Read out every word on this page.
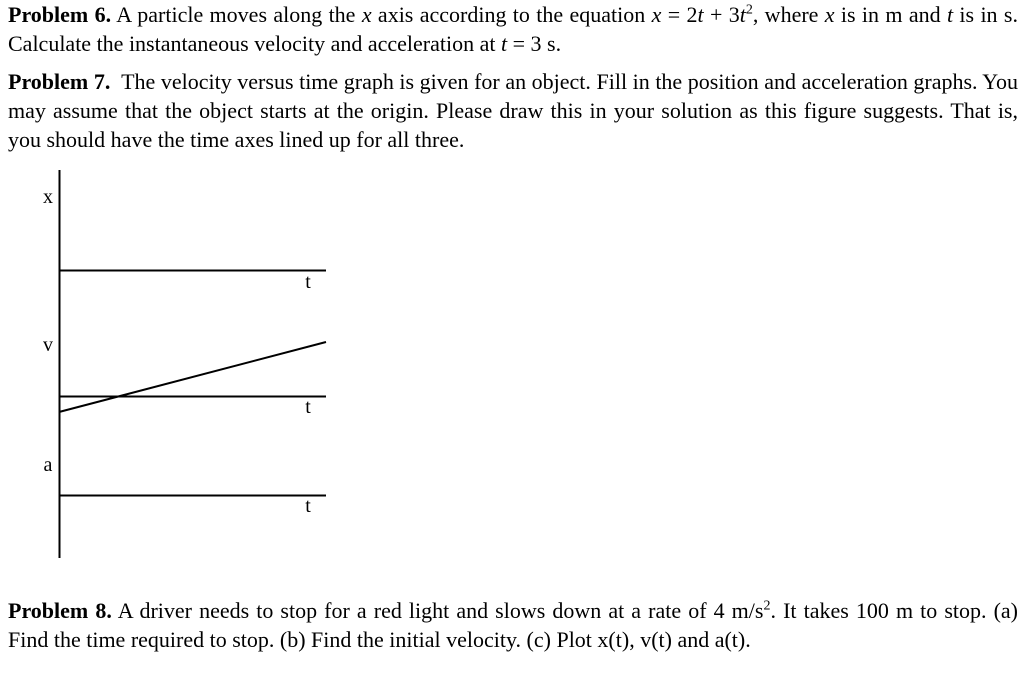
Problem 6. A particle moves along the x axis according to the equation $x = 2t + 3t^2$, where x is in m and t is in s. Calculate the instantaneous velocity and acceleration at t = 3 s.
Problem 7. The velocity versus time graph is given for an object. Fill in the position and acceleration graphs. You may assume that the object starts at the origin. Please draw this in your solution as this figure suggests. That is, you should have the time axes lined up for all three.
x
v
a
t
t
t
Problem 8. A driver needs to stop for a red light and slows down at a rate of 4 $m/s^2$. It takes 100 m to stop. (a) Find the time required to stop. (b) Find the initial velocity. (c) Plot x(t), v(t) and a(t).
